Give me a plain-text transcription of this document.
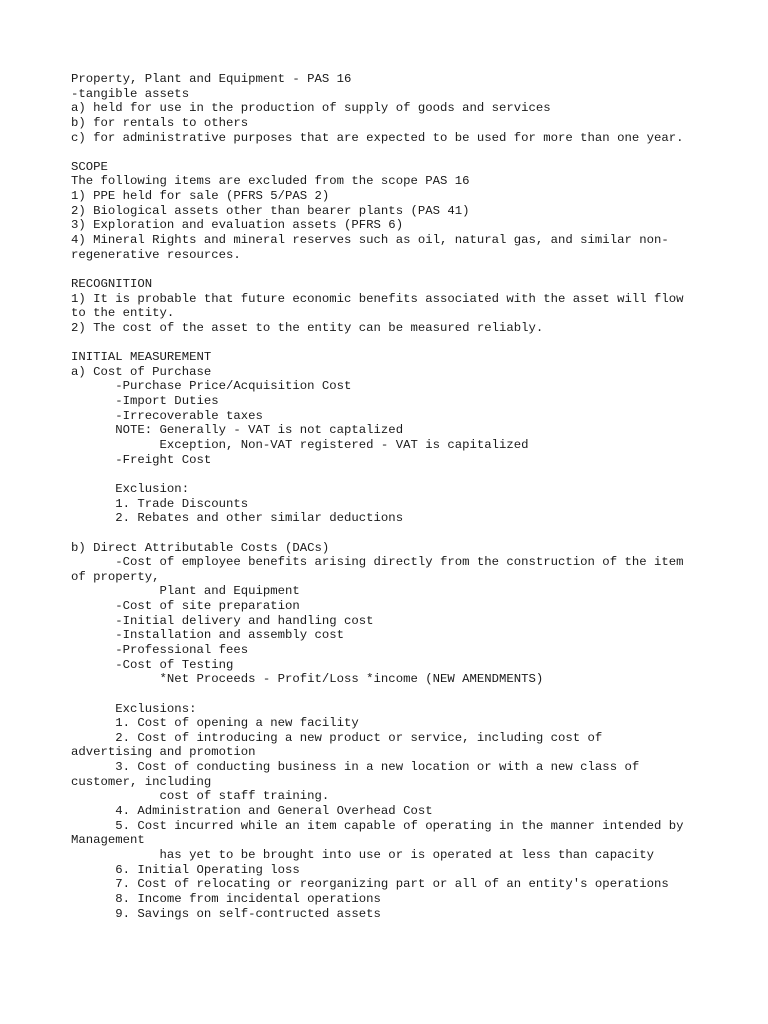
Property, Plant and Equipment - PAS 16
-tangible assets
a) held for use in the production of supply of goods and services
b) for rentals to others
c) for administrative purposes that are expected to be used for more than one year.
SCOPE
The following items are excluded from the scope PAS 16
1) PPE held for sale (PFRS 5/PAS 2)
2) Biological assets other than bearer plants (PAS 41)
3) Exploration and evaluation assets (PFRS 6)
4) Mineral Rights and mineral reserves such as oil, natural gas, and similar non-
regenerative resources.
RECOGNITION
1) It is probable that future economic benefits associated with the asset will flow
to the entity.
2) The cost of the asset to the entity can be measured reliably.
INITIAL MEASUREMENT
a) Cost of Purchase
-Purchase Price/Acquisition Cost
-Import Duties
-Irrecoverable taxes
NOTE: Generally - VAT is not captalized
Exception, Non-VAT registered - VAT is capitalized
-Freight Cost
Exclusion:
1. Trade Discounts
2. Rebates and other similar deductions
b) Direct Attributable Costs (DACs)
-Cost of employee benefits arising directly from the construction of the item
of property,
Plant and Equipment
-Cost of site preparation
-Initial delivery and handling cost
-Installation and assembly cost
-Professional fees
-Cost of Testing
*Net Proceeds - Profit/Loss *income (NEW AMENDMENTS)
Exclusions:
1. Cost of opening a new facility
2. Cost of introducing a new product or service, including cost of
advertising and promotion
3. Cost of conducting business in a new location or with a new class of
customer, including
cost of staff training.
4. Administration and General Overhead Cost
5. Cost incurred while an item capable of operating in the manner intended by
Management
has yet to be brought into use or is operated at less than capacity
6. Initial Operating loss
7. Cost of relocating or reorganizing part or all of an entity's operations
8. Income from incidental operations
9. Savings on self-contructed assets
